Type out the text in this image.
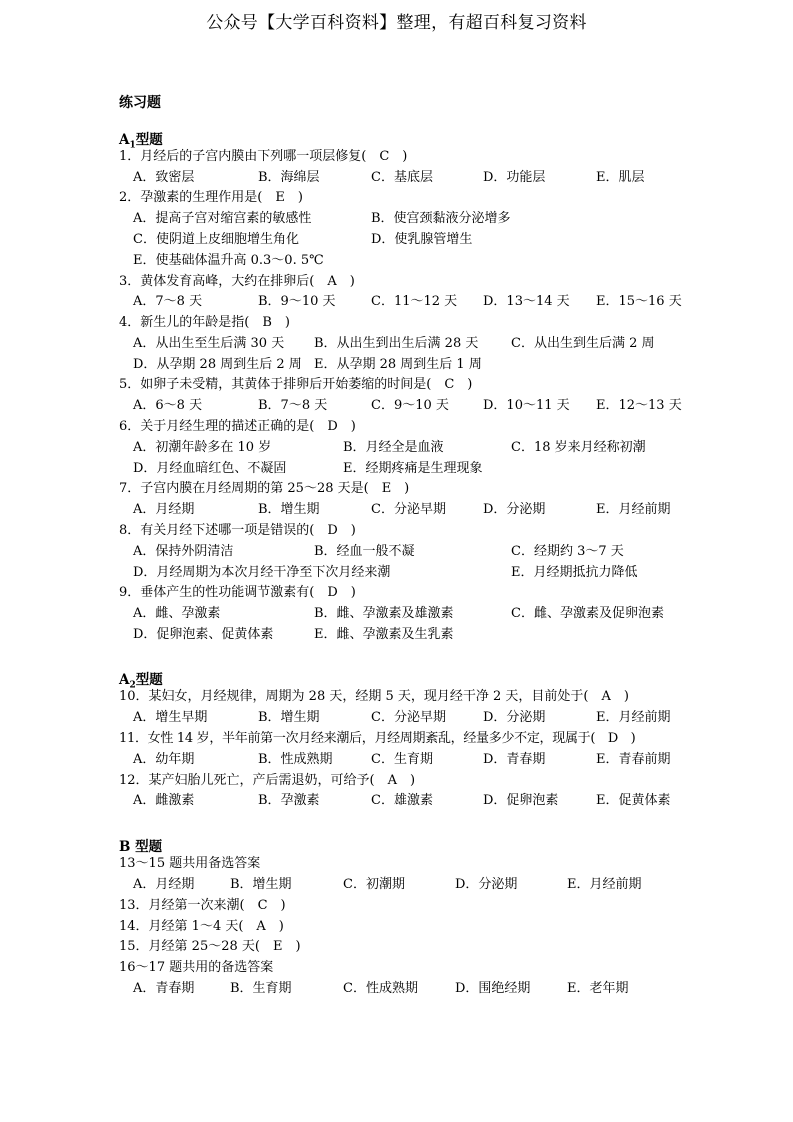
公众号【大学百科资料】整理，有超百科复习资料
练习题
$A_1$型题
1．月经后的子宫内膜由下列哪一项层修复(　C　)
A．致密层	B．海绵层	C．基底层	D．功能层	E．肌层
2．孕激素的生理作用是(　E　)
A．提高子宫对缩宫素的敏感性	B．使宫颈黏液分泌增多
C．使阴道上皮细胞增生角化	D．使乳腺管增生
E．使基础体温升高 0.3～0. 5℃
3．黄体发育高峰，大约在排卵后(　A　)
A．7～8 天	B．9～10 天	C．11～12 天 D．13～14 天 E．15～16 天
4．新生儿的年龄是指(　B　)
A．从出生至生后满 30 天 B．从出生到出生后满 28 天	C．从出生到生后满 2 周
D．从孕期 28 周到生后 2 周 E．从孕期 28 周到生后 1 周
5．如卵子未受精，其黄体于排卵后开始萎缩的时间是(　C　)
A．6～8 天	B．7～8 天	C．9～10 天	D．10～11 天 E．12～13 天
6．关于月经生理的描述正确的是(　D　)
A．初潮年龄多在 10 岁	B．月经全是血液	C．18 岁来月经称初潮
D．月经血暗红色、不凝固	E．经期疼痛是生理现象
7．子宫内膜在月经周期的第 25～28 天是(　E　)
A．月经期	B．增生期	C．分泌早期	D．分泌期	E．月经前期
8．有关月经下述哪一项是错误的(　D　)
A．保持外阴清洁	B．经血一般不凝	C．经期约 3～7 天
D．月经周期为本次月经干净至下次月经来潮	E．月经期抵抗力降低
9．垂体产生的性功能调节激素有(　D　)
A．雌、孕激素	B．雌、孕激素及雄激素	C．雌、孕激素及促卵泡素
D．促卵泡素、促黄体素	E．雌、孕激素及生乳素
$A_2$型题
10．某妇女，月经规律，周期为 28 天，经期 5 天，现月经干净 2 天，目前处于(　A　)
A．增生早期	B．增生期	C．分泌早期	D．分泌期	E．月经前期
11．女性 14 岁，半年前第一次月经来潮后，月经周期紊乱，经量多少不定，现属于(　D　)
A．幼年期	B．性成熟期	C．生育期	D．青春期	E．青春前期
12．某产妇胎儿死亡，产后需退奶，可给予(　A　)
A．雌激素	B．孕激素	C．雄激素	D．促卵泡素	E．促黄体素
B 型题
13～15 题共用备选答案
A．月经期	B．增生期	C．初潮期	D．分泌期	E．月经前期
13．月经第一次来潮(　C　)
14．月经第 1～4 天(　A　)
15．月经第 25～28 天(　E　)
16～17 题共用的备选答案
A．青春期	B．生育期	C．性成熟期	D．围绝经期	E．老年期
